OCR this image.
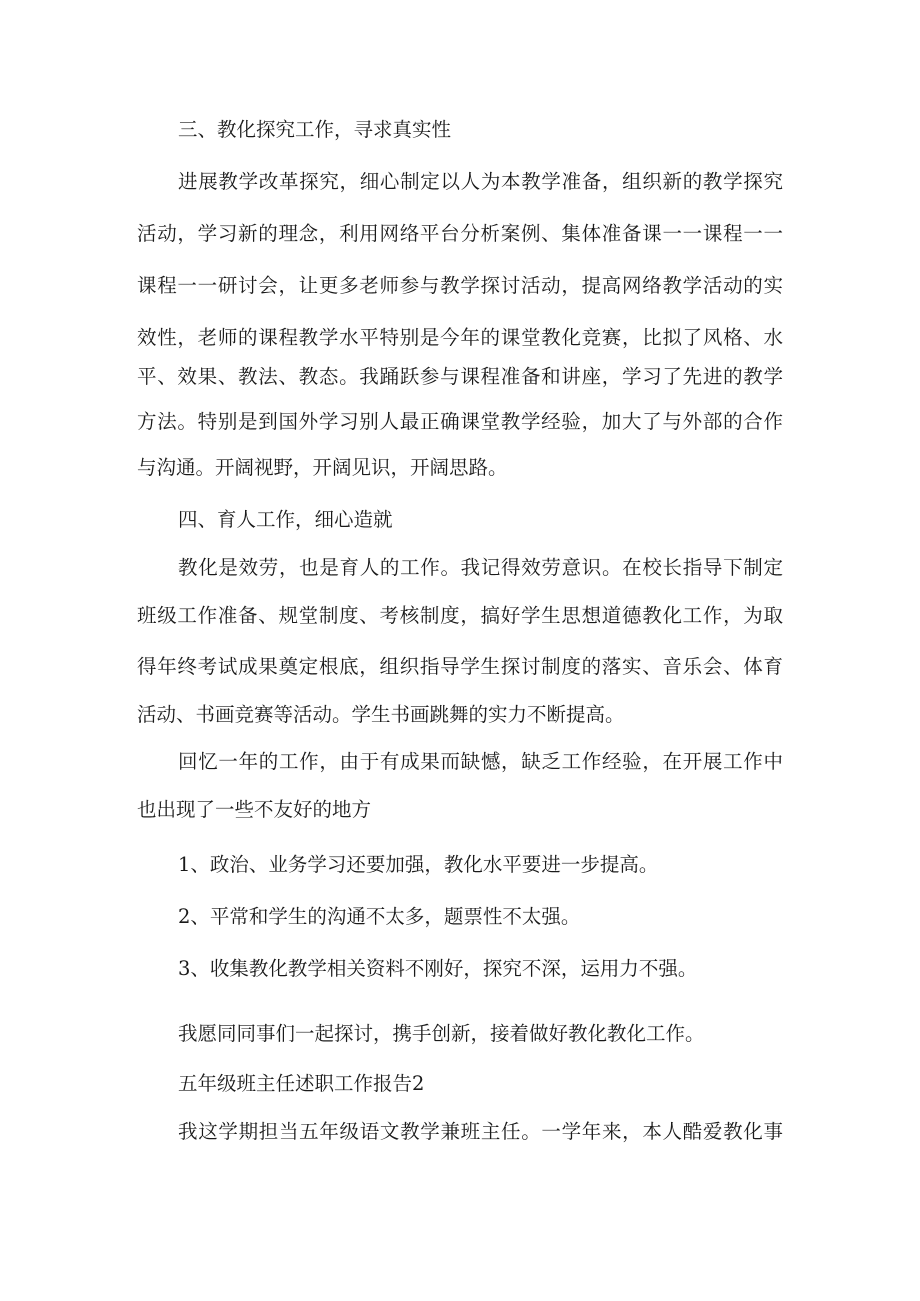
三、教化探究工作，寻求真实性
进展教学改革探究，细心制定以人为本教学准备，组织新的教学探究
活动，学习新的理念，利用网络平台分析案例、集体准备课一一课程一一
课程一一研讨会，让更多老师参与教学探讨活动，提高网络教学活动的实
效性，老师的课程教学水平特别是今年的课堂教化竞赛，比拟了风格、水
平、效果、教法、教态。我踊跃参与课程准备和讲座，学习了先进的教学
方法。特别是到国外学习别人最正确课堂教学经验，加大了与外部的合作
与沟通。开阔视野，开阔见识，开阔思路。
四、育人工作，细心造就
教化是效劳，也是育人的工作。我记得效劳意识。在校长指导下制定
班级工作准备、规堂制度、考核制度，搞好学生思想道德教化工作，为取
得年终考试成果奠定根底，组织指导学生探讨制度的落实、音乐会、体育
活动、书画竞赛等活动。学生书画跳舞的实力不断提高。
回忆一年的工作，由于有成果而缺憾，缺乏工作经验，在开展工作中
也出现了一些不友好的地方
1、政治、业务学习还要加强，教化水平要进一步提高。
2、平常和学生的沟通不太多，题票性不太强。
3、收集教化教学相关资料不刚好，探究不深，运用力不强。
我愿同同事们一起探讨，携手创新，接着做好教化教化工作。
五年级班主任述职工作报告2
我这学期担当五年级语文教学兼班主任。一学年来，本人酷爱教化事
